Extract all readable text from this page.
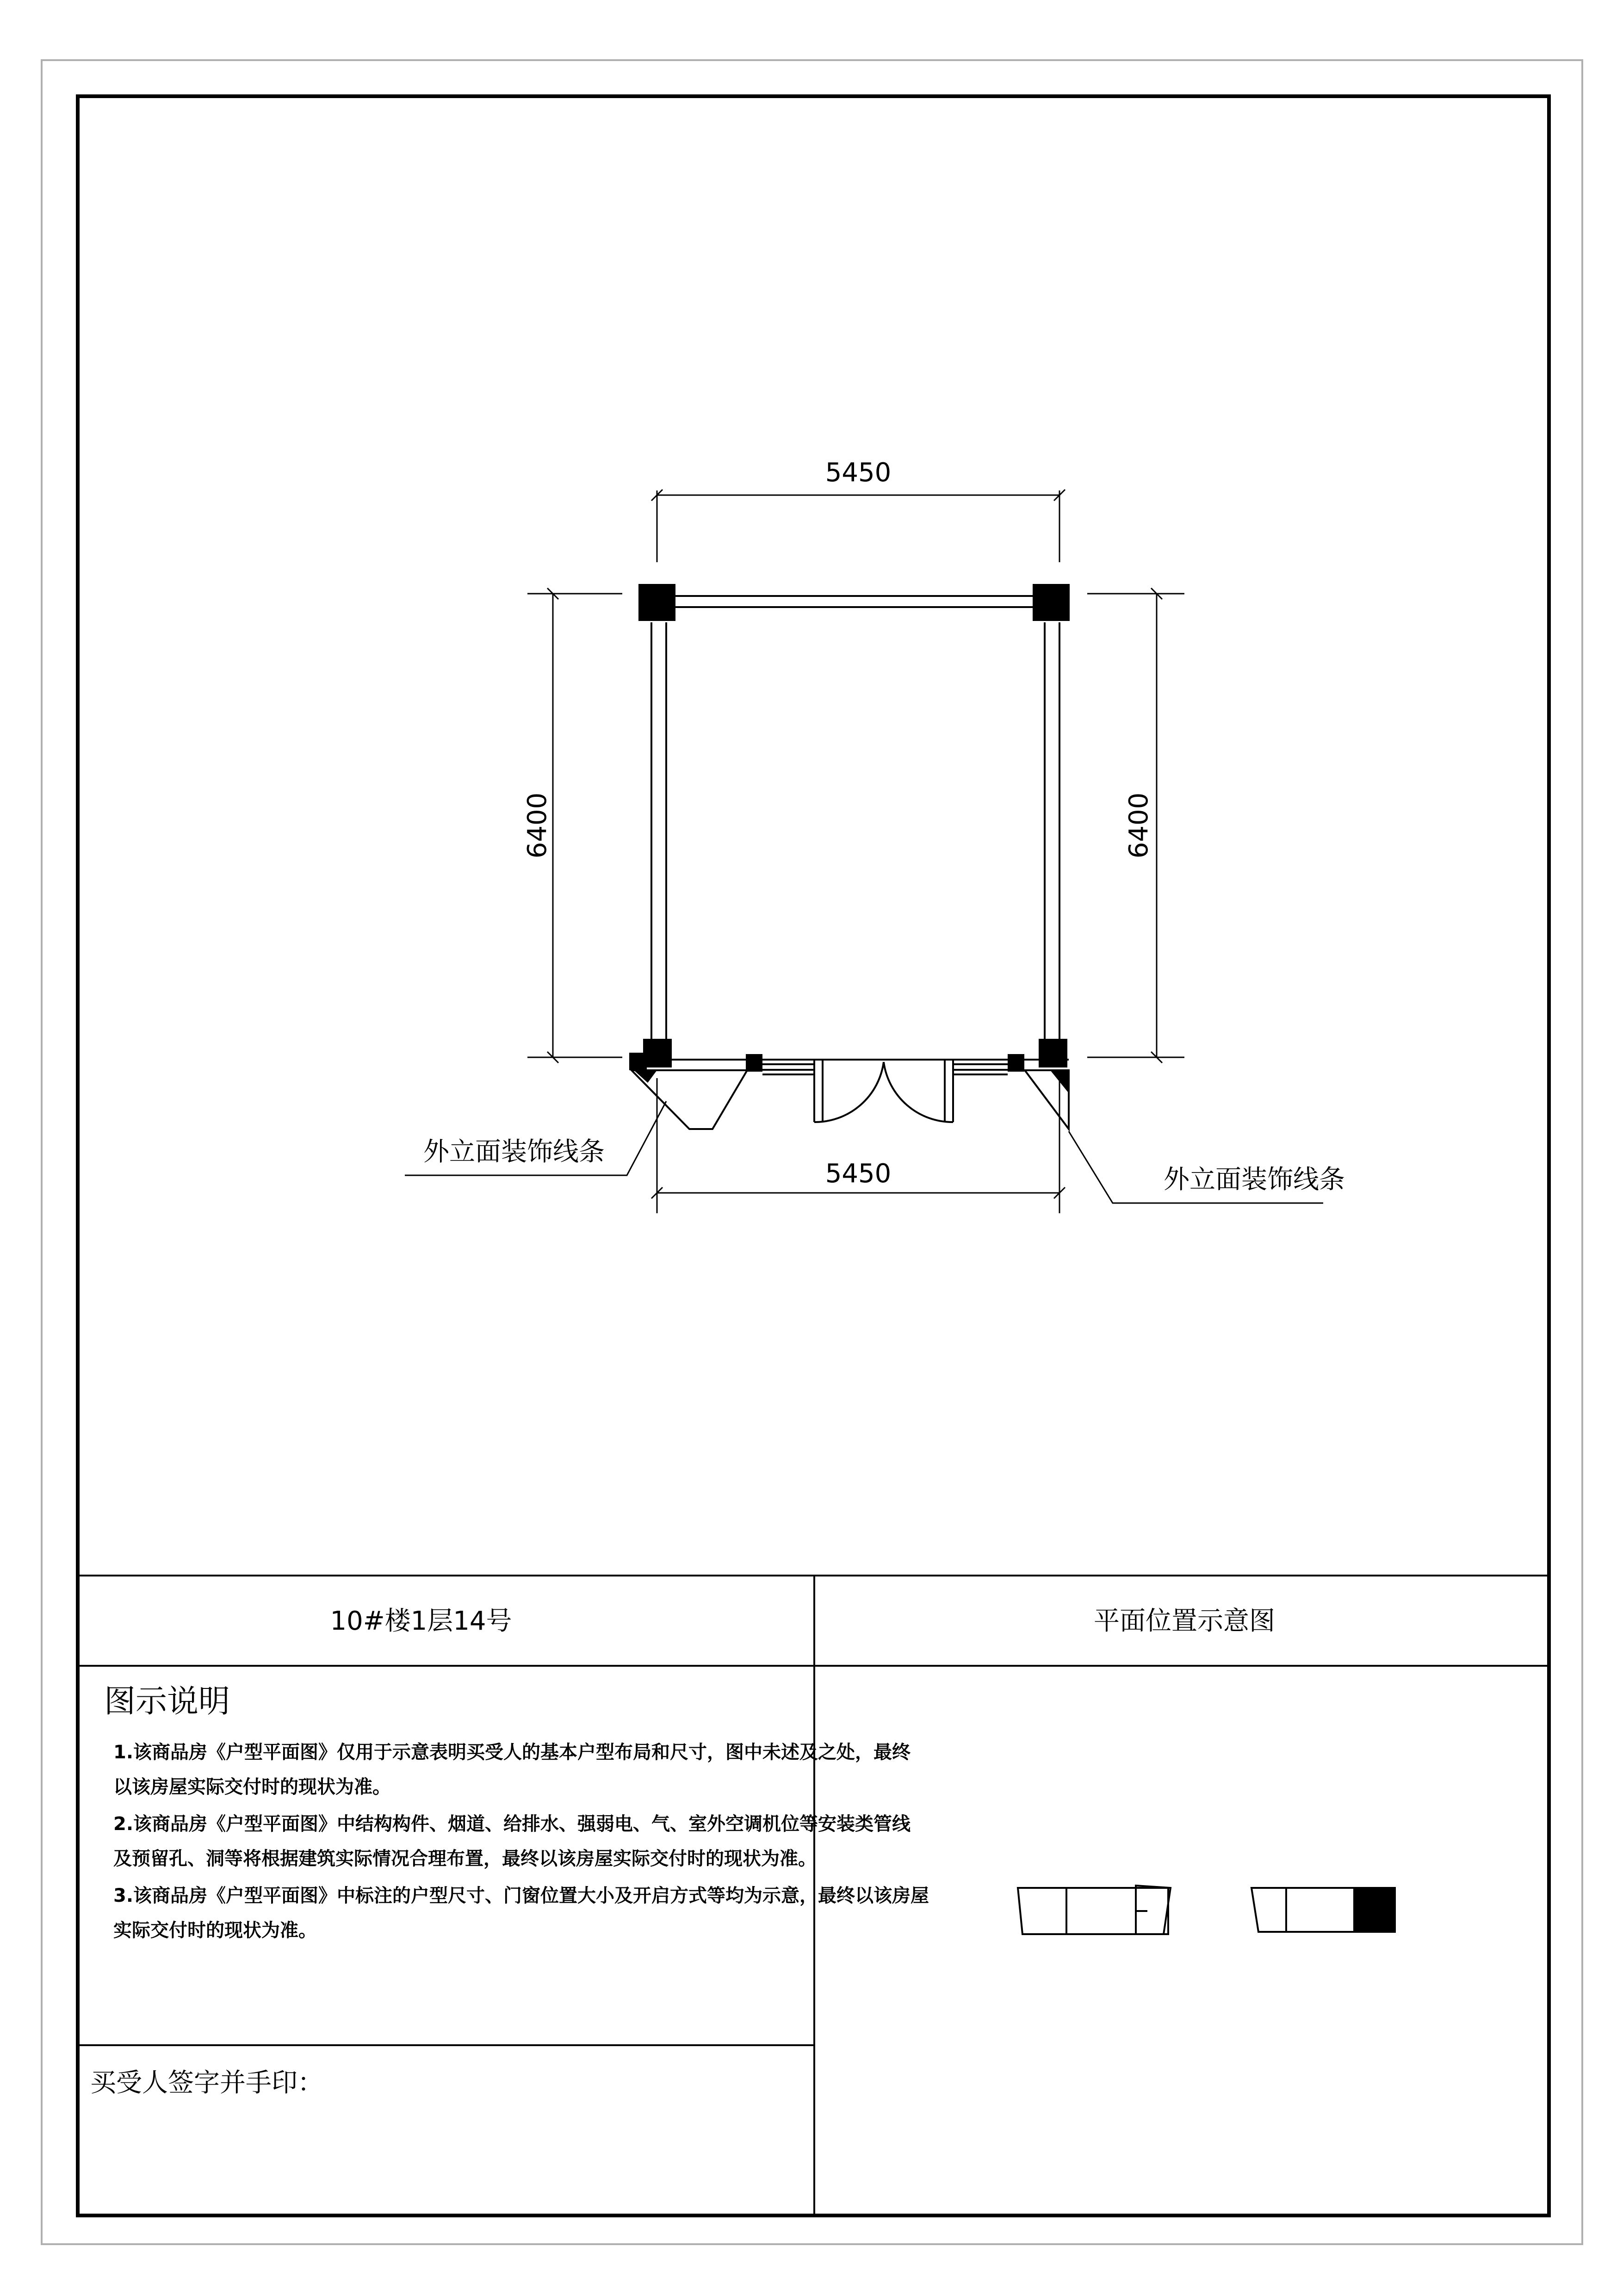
5450
5450
6400	6400
外立面装饰线条
外立面装饰线条
10#楼1层14号	平面位置示意图
图示说明
1.该商品房《户型平面图》仅用于示意表明买受人的基本户型布局和尺寸，图中未述及之处，最终
以该房屋实际交付时的现状为准。
2.该商品房《户型平面图》中结构构件、烟道、给排水、强弱电、气、室外空调机位等安装类管线
及预留孔、洞等将根据建筑实际情况合理布置，最终以该房屋实际交付时的现状为准。
3.该商品房《户型平面图》中标注的户型尺寸、门窗位置大小及开启方式等均为示意，最终以该房屋
实际交付时的现状为准。
买受人签字并手印：
